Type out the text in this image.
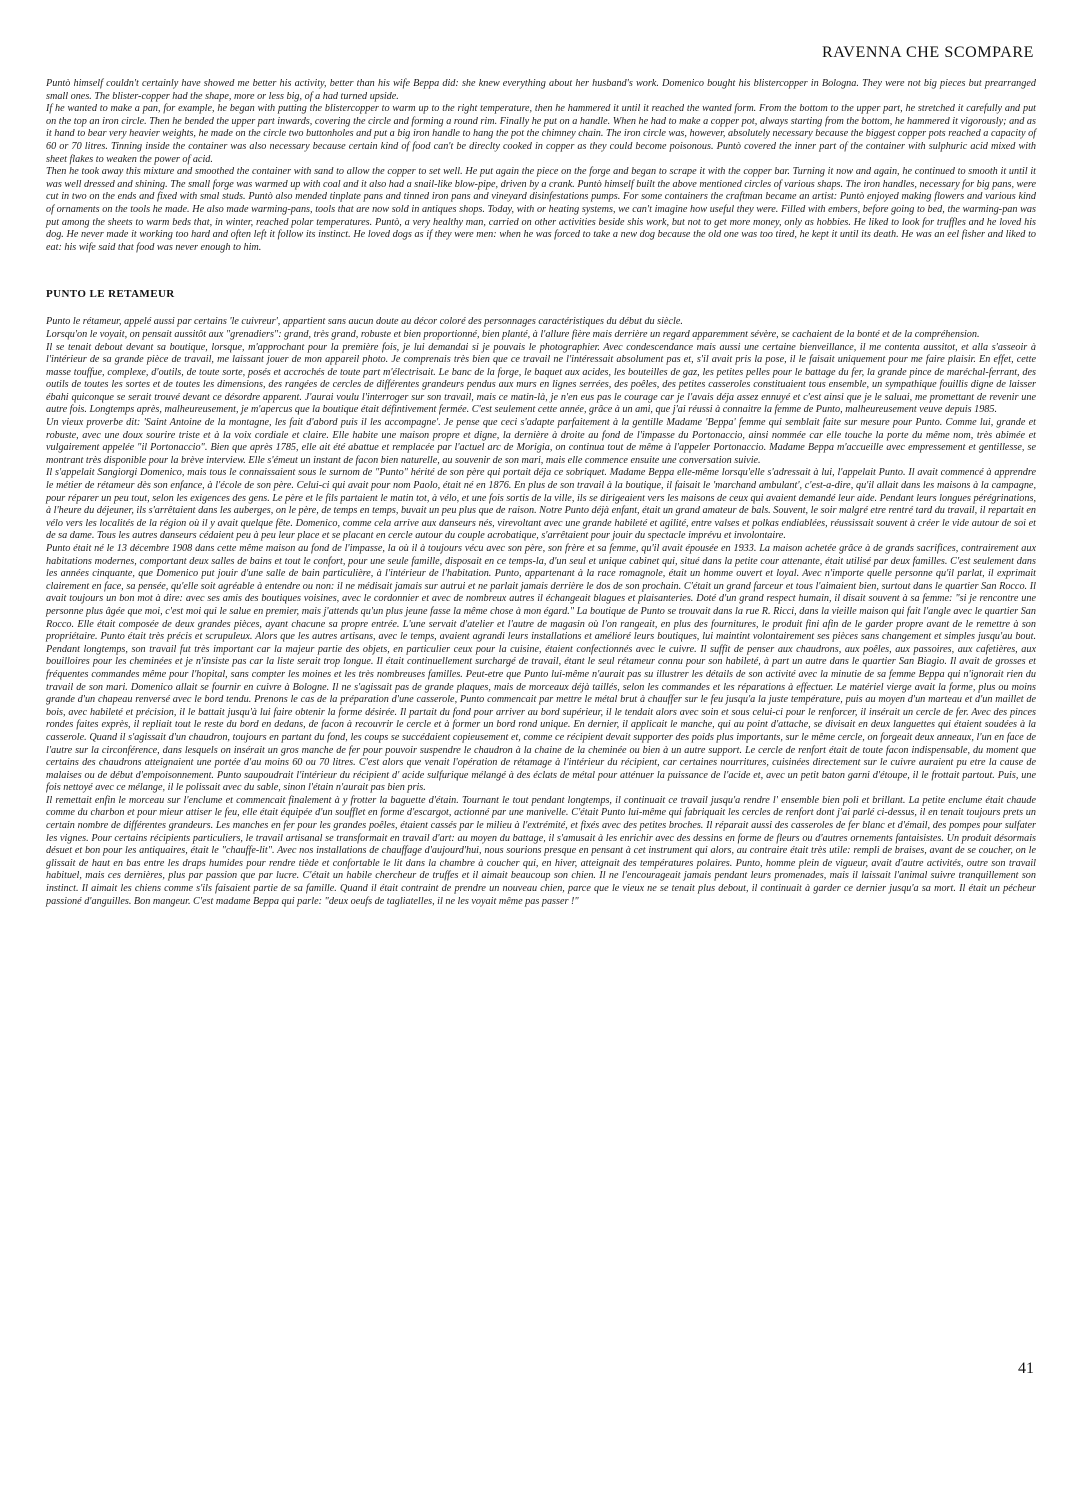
RAVENNA CHE SCOMPARE

Puntò himself couldn't certainly have showed me better his activity, better than his wife Beppa did: she knew everything about her husband's work. Domenico bought his blistercopper in Bologna. They were not big pieces but prearranged small ones. The blister-copper had the shape, more or less big, of a had turned upside.

If he wanted to make a pan, for example, he began with putting the blistercopper to warm up to the right temperature, then he hammered it until it reached the wanted form. From the bottom to the upper part, he stretched it carefully and put on the top an iron circle. Then he bended the upper part inwards, covering the circle and forming a round rim. Finally he put on a handle. When he had to make a copper pot, always starting from the bottom, he hammered it vigorously; and as it hand to bear very heavier weights, he made on the circle two buttonholes and put a big iron handle to hang the pot the chimney chain. The iron circle was, however, absolutely necessary because the biggest copper pots reached a capacity of 60 or 70 litres. Tinning inside the container was also necessary because certain kind of food can't be direclty cooked in copper as they could become poisonous. Puntò covered the inner part of the container with sulphuric acid mixed with sheet flakes to weaken the power of acid.

Then he took away this mixture and smoothed the container with sand to allow the copper to set well. He put again the piece on the forge and began to scrape it with the copper bar. Turning it now and again, he continued to smooth it until it was well dressed and shining. The small forge was warmed up with coal and it also had a snail-like blow-pipe, driven by a crank. Puntò himself built the above mentioned circles of various shaps. The iron handles, necessary for big pans, were cut in two on the ends and fixed with smal studs. Puntò also mended tinplate pans and tinned iron pans and vineyard disinfestations pumps. For some containers the craftman became an artist: Puntò enjoyed making flowers and various kind of ornaments on the tools he made. He also made warming-pans, tools that are now sold in antiques shops. Today, with or heating systems, we can't imagine how useful they were. Filled with embers, before going to bed, the warming-pan was put among the sheets to warm beds that, in winter, reached polar temperatures. Puntò, a very healthy man, carried on other activities beside shis work, but not to get more money, only as hobbies. He liked to look for truffles and he loved his dog. He never made it working too hard and often left it follow its instinct. He loved dogs as if they were men: when he was forced to take a new dog because the old one was too tired, he kept it until its death. He was an eel fisher and liked to eat: his wife said that food was never enough to him.

PUNTO LE RETAMEUR

Punto le rétameur, appelé aussi par certains 'le cuivreur', appartient sans aucun doute au décor coloré des personnages caractéristiques du début du siècle.

Lorsqu'on le voyait, on pensait aussitôt aux "grenadiers": grand, très grand, robuste et bien proportionné, bien planté, à l'allure fière mais derrière un regard apparemment sévère, se cachaient de la bonté et de la compréhension.

Il se tenait debout devant sa boutique, lorsque, m'approchant pour la première fois, je lui demandai si je pouvais le photographier. Avec condescendance mais aussi une certaine bienveillance, il me contenta aussitot, et alla s'asseoir à l'intérieur de sa grande pièce de travail, me laissant jouer de mon appareil photo. Je comprenais très bien que ce travail ne l'intéressait absolument pas et, s'il avait pris la pose, il le faisait uniquement pour me faire plaisir. En effet, cette masse touffue, complexe, d'outils, de toute sorte, posés et accrochés de toute part m'électrisait. Le banc de la forge, le baquet aux acides, les bouteilles de gaz, les petites pelles pour le battage du fer, la grande pince de maréchal-ferrant, des outils de toutes les sortes et de toutes les dimensions, des rangées de cercles de différentes grandeurs pendus aux murs en lignes serrées, des poêles, des petites casseroles constituaient tous ensemble, un sympathique fouillis digne de laisser ébahi quiconque se serait trouvé devant ce désordre apparent. J'aurai voulu l'interroger sur son travail, mais ce matin-là, je n'en eus pas le courage car je l'avais déja assez ennuyé et c'est ainsi que je le saluai, me promettant de revenir une autre fois. Longtemps après, malheureusement, je m'apercus que la boutique était défintivement fermée. C'est seulement cette année, grâce à un ami, que j'ai réussi à connaitre la femme de Punto, malheureusement veuve depuis 1985.

Un vieux proverbe dit: 'Saint Antoine de la montagne, les fait d'abord puis il les accompagne'. Je pense que ceci s'adapte parfaitement à la gentille Madame 'Beppa' femme qui semblait faite sur mesure pour Punto. Comme lui, grande et robuste, avec une doux sourire triste et à la voix cordiale et claire. Elle habite une maison propre et digne, la dernière à droite au fond de l'impasse du Portonaccio, ainsi nommée car elle touche la porte du même nom, très abimée et vulgairement appelée "il Portonaccio". Bien que après 1785, elle ait été abattue et remplacée par l'actuel arc de Morigia, on continua tout de même à l'appeler Portonaccio. Madame Beppa m'accueille avec empressement et gentillesse, se montrant très disponible pour la brève interview. Elle s'émeut un instant de facon bien naturelle, au souvenir de son mari, mais elle commence ensuite une conversation suivie.

Il s'appelait Sangiorgi Domenico, mais tous le connaissaient sous le surnom de "Punto" hérité de son père qui portait déja ce sobriquet. Madame Beppa elle-même lorsqu'elle s'adressait à lui, l'appelait Punto. Il avait commencé à apprendre le métier de rétameur dès son enfance, à l'école de son père. Celui-ci qui avait pour nom Paolo, était né en 1876. En plus de son travail à la boutique, il faisait le 'marchand ambulant', c'est-a-dire, qu'il allait dans les maisons à la campagne, pour réparer un peu tout, selon les exigences des gens. Le père et le fils partaient le matin tot, à vélo, et une fois sortis de la ville, ils se dirigeaient vers les maisons de ceux qui avaient demandé leur aide. Pendant leurs longues pérégrinations, à l'heure du déjeuner, ils s'arrêtaient dans les auberges, on le père, de temps en temps, buvait un peu plus que de raison. Notre Punto déjà enfant, était un grand amateur de bals. Souvent, le soir malgré etre rentré tard du travail, il repartait en vélo vers les localités de la région où il y avait quelque fête. Domenico, comme cela arrive aux danseurs nés, virevoltant avec une grande habileté et agilité, entre valses et polkas endiablées, réussissait souvent à créer le vide autour de soi et de sa dame. Tous les autres danseurs cédaient peu à peu leur place et se placant en cercle autour du couple acrobatique, s'arrêtaient pour jouir du spectacle imprévu et involontaire.

Punto était né le 13 décembre 1908 dans cette même maison au fond de l'impasse, la où il à toujours vécu avec son père, son frère et sa femme, qu'il avait épousée en 1933. La maison achetée grâce à de grands sacrifices, contrairement aux habitations modernes, comportant deux salles de bains et tout le confort, pour une seule famille, disposait en ce temps-la, d'un seul et unique cabinet qui, situé dans la petite cour attenante, était utilisé par deux familles. C'est seulement dans les années cinquante, que Domenico put jouir d'une salle de bain particulière, à l'intérieur de l'habitation. Punto, appartenant à la race romagnole, était un homme ouvert et loyal. Avec n'importe quelle personne qu'il parlat, il exprimait clairement en face, sa pensée, qu'elle soit agréable à entendre ou non: il ne médisait jamais sur autrui et ne parlait jamais derrière le dos de son prochain. C'était un grand farceur et tous l'aimaient bien, surtout dans le quartier San Rocco. Il avait toujours un bon mot à dire: avec ses amis des boutiques voisines, avec le cordonnier et avec de nombreux autres il échangeait blagues et plaisanteries. Doté d'un grand respect humain, il disait souvent à sa femme: "si je rencontre une personne plus âgée que moi, c'est moi qui le salue en premier, mais j'attends qu'un plus jeune fasse la même chose à mon égard." La boutique de Punto se trouvait dans la rue R. Ricci, dans la vieille maison qui fait l'angle avec le quartier San Rocco. Elle était composée de deux grandes pièces, ayant chacune sa propre entrée. L'une servait d'atelier et l'autre de magasin où l'on rangeait, en plus des fournitures, le produit fini afin de le garder propre avant de le remettre à son propriétaire. Punto était très précis et scrupuleux. Alors que les autres artisans, avec le temps, avaient agrandi leurs installations et amélioré leurs boutiques, lui maintint volontairement ses pièces sans changement et simples jusqu'au bout. Pendant longtemps, son travail fut très important car la majeur partie des objets, en particulier ceux pour la cuisine, étaient confectionnés avec le cuivre. Il suffit de penser aux chaudrons, aux poêles, aux passoires, aux cafetières, aux bouilloires pour les cheminées et je n'insiste pas car la liste serait trop longue. Il était continuellement surchargé de travail, étant le seul rétameur connu pour son habileté, à part un autre dans le quartier San Biagio. Il avait de grosses et fréquentes commandes même pour l'hopital, sans compter les moines et les très nombreuses familles. Peut-etre que Punto lui-même n'aurait pas su illustrer les détails de son activité avec la minutie de sa femme Beppa qui n'ignorait rien du travail de son mari. Domenico allait se fournir en cuivre à Bologne. Il ne s'agissait pas de grande plaques, mais de morceaux déjà taillés, selon les commandes et les réparations à effectuer. Le matériel vierge avait la forme, plus ou moins grande d'un chapeau renversé avec le bord tendu. Prenons le cas de la préparation d'une casserole, Punto commencait par mettre le métal brut à chauffer sur le feu jusqu'a la juste température, puis au moyen d'un marteau et d'un maillet de bois, avec habileté et précision, il le battait jusqu'à lui faire obtenir la forme désirée. Il partait du fond pour arriver au bord supérieur, il le tendait alors avec soin et sous celui-ci pour le renforcer, il insérait un cercle de fer. Avec des pinces rondes faites exprès, il repliait tout le reste du bord en dedans, de facon à recouvrir le cercle et à former un bord rond unique. En dernier, il applicait le manche, qui au point d'attache, se divisait en deux languettes qui étaient soudées à la casserole. Quand il s'agissait d'un chaudron, toujours en partant du fond, les coups se succédaient copieusement et, comme ce récipient devait supporter des poids plus importants, sur le même cercle, on forgeait deux anneaux, l'un en face de l'autre sur la circonférence, dans lesquels on insérait un gros manche de fer pour pouvoir suspendre le chaudron à la chaine de la cheminée ou bien à un autre support. Le cercle de renfort était de toute facon indispensable, du moment que certains des chaudrons atteignaient une portée d'au moins 60 ou 70 litres. C'est alors que venait l'opération de rétamage à l'intérieur du récipient, car certaines nourritures, cuisinées directement sur le cuivre auraient pu etre la cause de malaises ou de début d'empoisonnement. Punto saupoudrait l'intérieur du récipient d' acide sulfurique mélangé à des éclats de métal pour atténuer la puissance de l'acide et, avec un petit baton garni d'étoupe, il le frottait partout. Puis, une fois nettoyé avec ce mélange, il le polissait avec du sable, sinon l'étain n'aurait pas bien pris.

Il remettait enfin le morceau sur l'enclume et commencait finalement à y frotter la baguette d'étain. Tournant le tout pendant longtemps, il continuait ce travail jusqu'a rendre l' ensemble bien poli et brillant. La petite enclume était chaude comme du charbon et pour mieur attiser le feu, elle était équipée d'un soufflet en forme d'escargot, actionné par une manivelle. C'était Punto lui-même qui fabriquait les cercles de renfort dont j'ai parlé ci-dessus, il en tenait toujours prets un certain nombre de différentes grandeurs. Les manches en fer pour les grandes poêles, étaient cassés par le milieu à l'extrémité, et fixés avec des petites broches. Il réparait aussi des casseroles de fer blanc et d'émail, des pompes pour sulfater les vignes. Pour certains récipients particuliers, le travail artisanal se transformait en travail d'art: au moyen du battage, il s'amusait à les enrichir avec des dessins en forme de fleurs ou d'autres ornements fantaisistes. Un produit désormais désuet et bon pour les antiquaires, était le "chauffe-lit". Avec nos installations de chauffage d'aujourd'hui, nous sourions presque en pensant à cet instrument qui alors, au contraire était très utile: rempli de braises, avant de se coucher, on le glissait de haut en bas entre les draps humides pour rendre tiède et confortable le lit dans la chambre à coucher qui, en hiver, atteignait des températures polaires. Punto, homme plein de vigueur, avait d'autre activités, outre son travail habituel, mais ces dernières, plus par passion que par lucre. C'était un habile chercheur de truffes et il aimait beaucoup son chien. Il ne l'encourageait jamais pendant leurs promenades, mais il laissait l'animal suivre tranquillement son instinct. Il aimait les chiens comme s'ils faisaient partie de sa famille. Quand il était contraint de prendre un nouveau chien, parce que le vieux ne se tenait plus debout, il continuait à garder ce dernier jusqu'a sa mort. Il était un pécheur passioné d'anguilles. Bon mangeur. C'est madame Beppa qui parle: "deux oeufs de tagliatelles, il ne les voyait même pas passer !"

41
